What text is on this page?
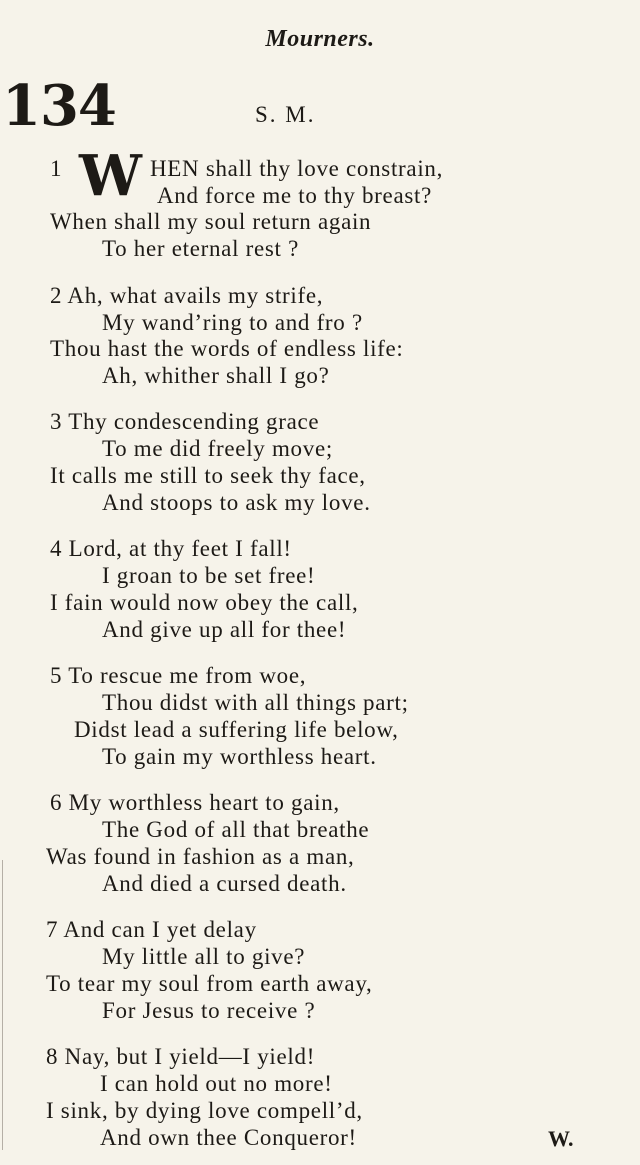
Mourners.
134	S. M.
W
1	HEN shall thy love constrain,
And force me to thy breast?
When shall my soul return again
To her eternal rest ?
2 Ah, what avails my strife,
My wand’ring to and fro ?
Thou hast the words of endless life:
Ah, whither shall I go?
3 Thy condescending grace
To me did freely move;
It calls me still to seek thy face,
And stoops to ask my love.
4 Lord, at thy feet I fall!
I groan to be set free!
I fain would now obey the call,
And give up all for thee!
5 To rescue me from woe,
Thou didst with all things part;
Didst lead a suffering life below,
To gain my worthless heart.
6 My worthless heart to gain,
The God of all that breathe
Was found in fashion as a man,
And died a cursed death.
7 And can I yet delay
My little all to give?
To tear my soul from earth away,
For Jesus to receive ?
8 Nay, but I yield—I yield!
I can hold out no more!
I sink, by dying love compell’d,
And own thee Conqueror!	W.
